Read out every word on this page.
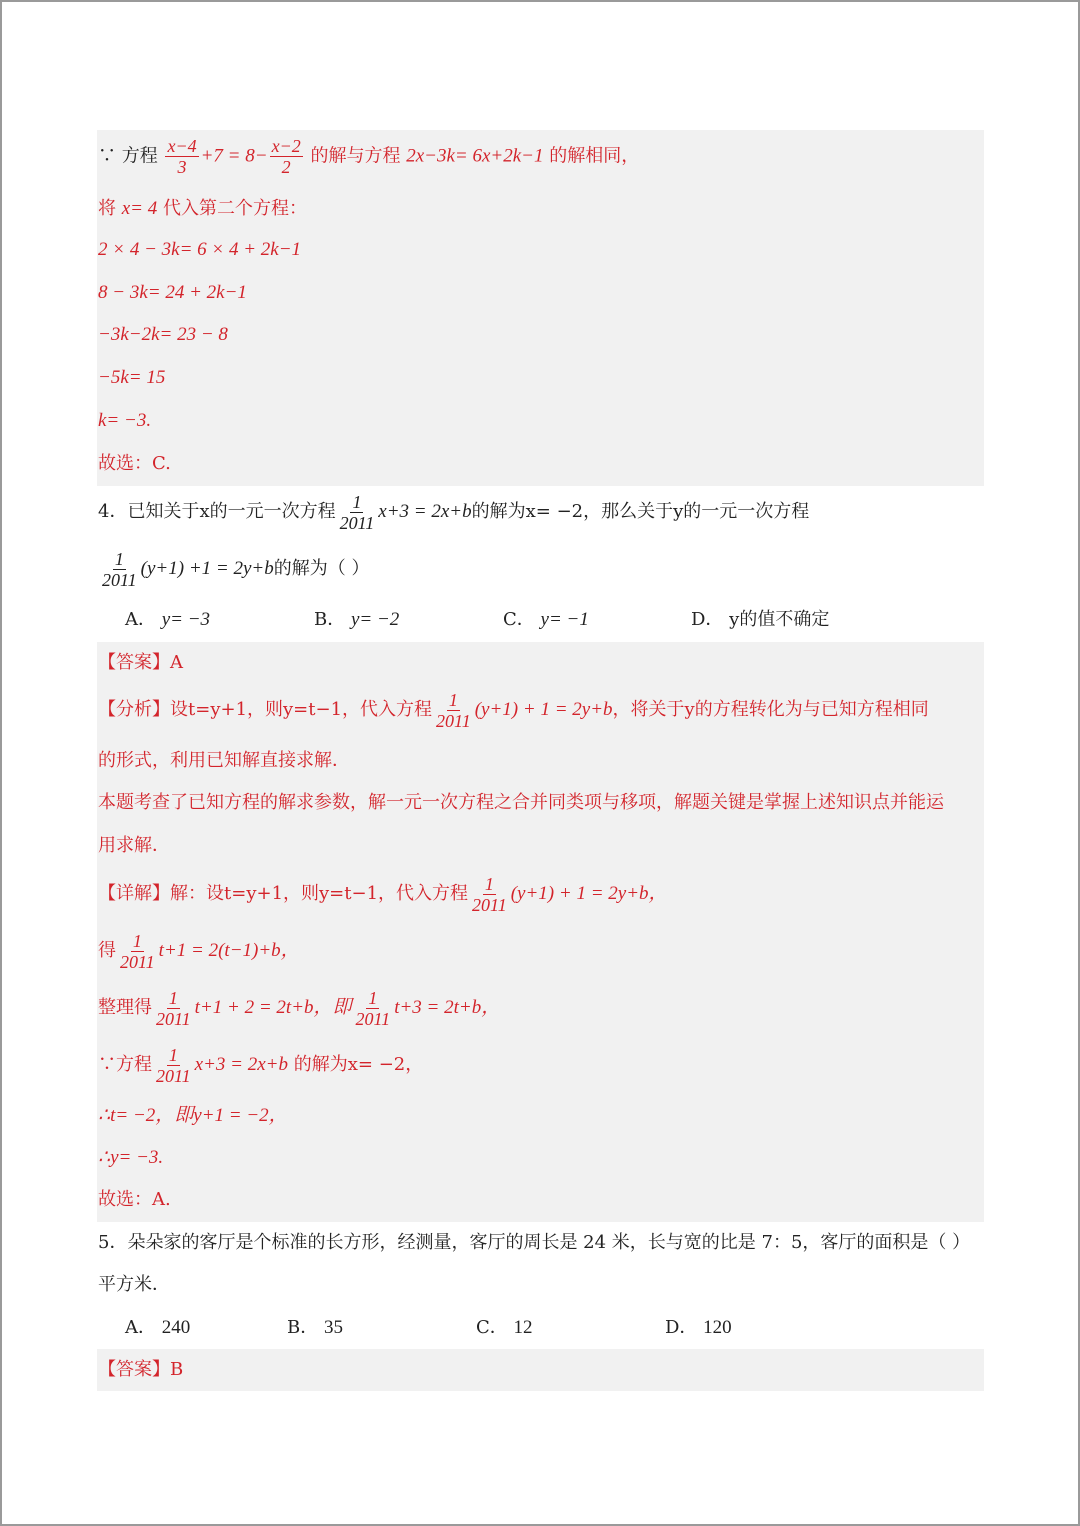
∵ 方程 $\frac{x-4}{3} +7 = 8- \frac{x-2}{2}$ 的解与方程 2x−3k= 6x+2k−1 的解相同，
将 x= 4 代入第二个方程：
2 × 4 − 3k= 6 × 4 + 2k−1
8 − 3k= 24 + 2k−1
−3k−2k= 23 − 8
−5k= 15
k= −3.
故选：C.
4．已知关于x的一元一次方程 $\frac{1}{2011} x+3 = 2x+b$的解为x= −2，那么关于y的一元一次方程
$\frac{1}{2011} (y+1) +1 = 2y+b$的解为（ ）
A． y= −3	B． y= −2	C． y= −1	D． y的值不确定
【答案】A
【分析】设t=y+1，则y=t−1，代入方程 $\frac{1}{2011} (y+1) + 1 = 2y+b$，将关于y的方程转化为与已知方程相同
的形式，利用已知解直接求解．
本题考查了已知方程的解求参数，解一元一次方程之合并同类项与移项，解题关键是掌握上述知识点并能运
用求解．
【详解】解：设t=y+1，则y=t−1，代入方程 $\frac{1}{2011} (y+1) + 1 = 2y+b$，
得 $\frac{1}{2011} t+1 = 2(t-1)+b$，
整理得 $\frac{1}{2011} t+1 + 2 = 2t+b$，即 $\frac{1}{2011} t+3 = 2t+b$，
∵方程 $\frac{1}{2011} x+3 = 2x+b$ 的解为x= −2，
∴t= −2，即y+1 = −2，
∴y= −3.
故选：A.
5．朵朵家的客厅是个标准的长方形，经测量，客厅的周长是 24 米，长与宽的比是 7：5，客厅的面积是（ ）
平方米．
A． 240	B． 35	C． 12	D． 120
【答案】B
